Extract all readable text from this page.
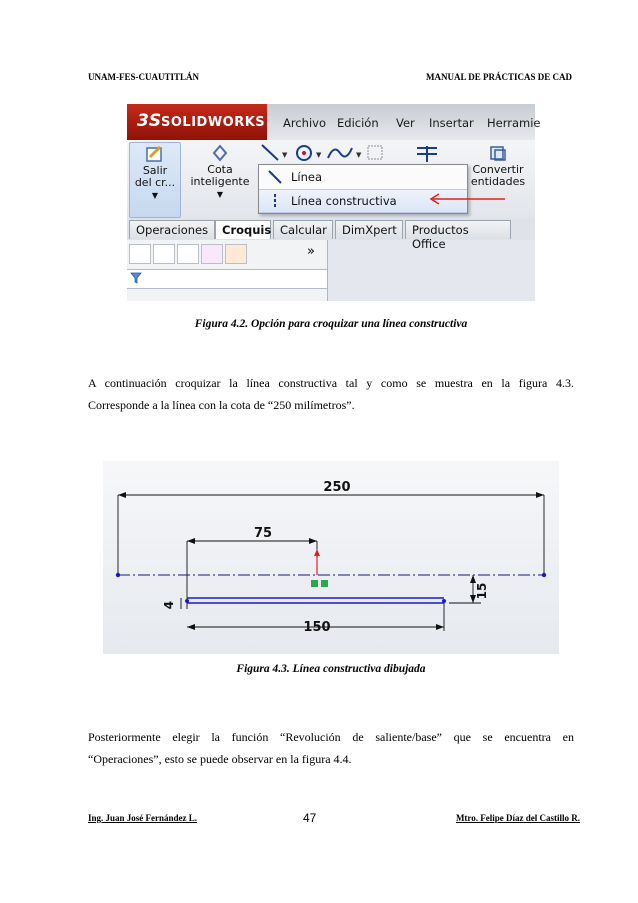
UNAM-FES-CUAUTITLÁN	MANUAL DE PRÁCTICAS DE CAD
3S SOLIDWORKS Archivo Edición Ver Insertar Herramie
Salir
del cr...
▼
Cota
inteligente
▼
▼	▼	▼
Convertir
entidades
Línea
Línea constructiva
Operaciones	Croquis Calcular	DimXpert	Productos Office
»
Figura 4.2. Opción para croquizar una línea constructiva
A continuación croquizar la línea constructiva tal y como se muestra en la figura 4.3.
Corresponde a la línea con la cota de “250 milímetros”.
250
75
150
15
4
Figura 4.3. Línea constructiva dibujada
Posteriormente elegir la función “Revolución de saliente/base” que se encuentra en
“Operaciones”, esto se puede observar en la figura 4.4.
Ing. Juan José Fernández L.	47	Mtro. Felipe Díaz del Castillo R.
